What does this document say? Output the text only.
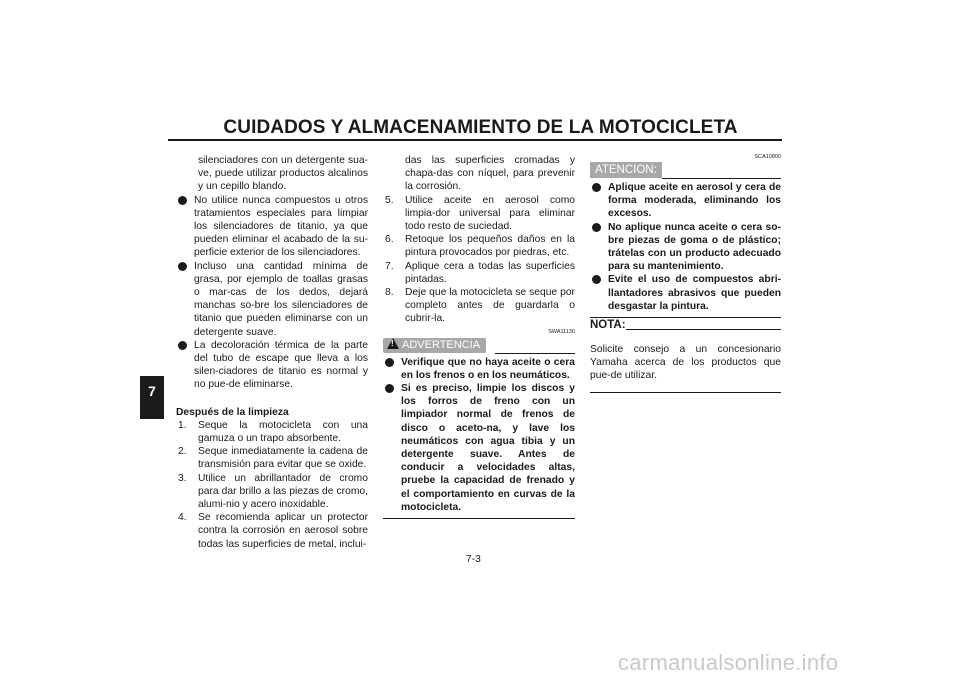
CUIDADOS Y ALMACENAMIENTO DE LA MOTOCICLETA
7

silenciadores con un detergente sua-ve, puede utilizar productos alcalinos y un cepillo blando.

No utilice nunca compuestos u otros tratamientos especiales para limpiar los silenciadores de titanio, ya que pueden eliminar el acabado de la su-perficie exterior de los silenciadores.
Incluso una cantidad mínima de grasa, por ejemplo de toallas grasas o mar-cas de los dedos, dejará manchas so-bre los silenciadores de titanio que pueden eliminarse con un detergente suave.
La decoloración térmica de la parte del tubo de escape que lleva a los silen-ciadores de titanio es normal y no pue-de eliminarse.

Después de la limpieza

1. Seque la motocicleta con una gamuza o un trapo absorbente.
2. Seque inmediatamente la cadena de transmisión para evitar que se oxide.
3. Utilice un abrillantador de cromo para dar brillo a las piezas de cromo, alumi-nio y acero inoxidable.
4. Se recomienda aplicar un protector contra la corrosión en aerosol sobre todas las superficies de metal, inclui-

das las superficies cromadas y chapa-das con níquel, para prevenir la corrosión.

5. Utilice aceite en aerosol como limpia-dor universal para eliminar todo resto de suciedad.
6. Retoque los pequeños daños en la pintura provocados por piedras, etc.
7. Aplique cera a todas las superficies pintadas.
8. Deje que la motocicleta se seque por completo antes de guardarla o cubrir-la.
SWA11130
!ADVERTENCIA
Verifique que no haya aceite o cera en los frenos o en los neumáticos.
Si es preciso, limpie los discos y los forros de freno con un limpiador normal de frenos de disco o aceto-na, y lave los neumáticos con agua tibia y un detergente suave. Antes de conducir a velocidades altas, pruebe la capacidad de frenado y el comportamiento en curvas de la motocicleta.
SCA10800
ATENCION:
Aplique aceite en aerosol y cera de forma moderada, eliminando los excesos.
No aplique nunca aceite o cera so-bre piezas de goma o de plástico; trátelas con un producto adecuado para su mantenimiento.
Evite el uso de compuestos abri-llantadores abrasivos que pueden desgastar la pintura.
NOTA:

Solicite consejo a un concesionario Yamaha acerca de los productos que pue-de utilizar.

7-3
carmanualsonline.info
